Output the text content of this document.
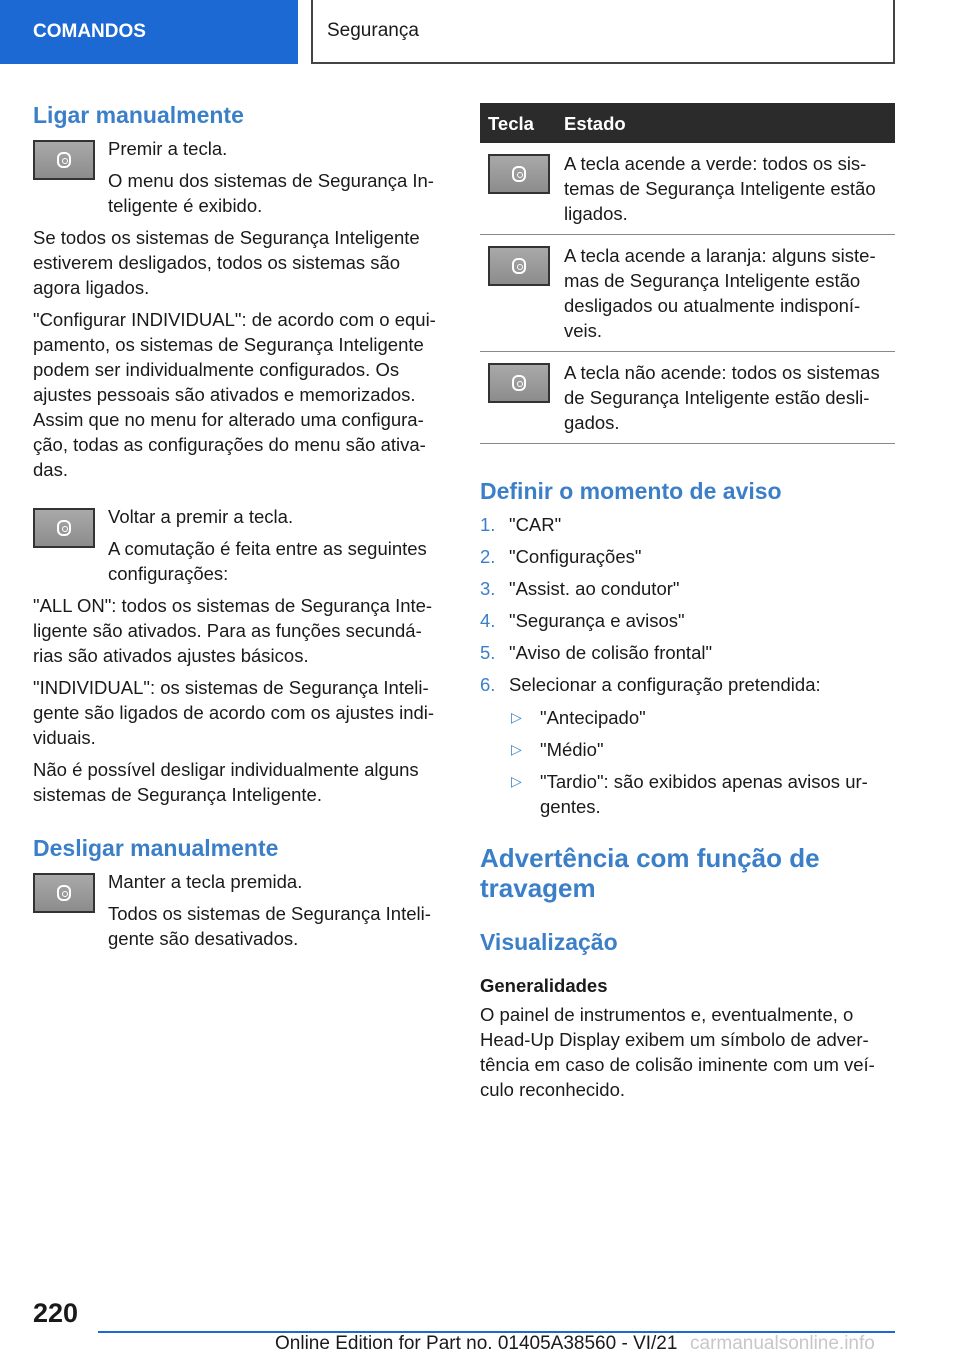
COMANDOS	Segurança
Ligar manualmente

Premir a tecla.

O menu dos sistemas de Segurança In-teligente é exibido.

Se todos os sistemas de Segurança Inteligente estiverem desligados, todos os sistemas são agora ligados.

"Configurar INDIVIDUAL": de acordo com o equi-pamento, os sistemas de Segurança Inteligente podem ser individualmente configurados. Os ajustes pessoais são ativados e memorizados. Assim que no menu for alterado uma configura-ção, todas as configurações do menu são ativa-das.

Voltar a premir a tecla.

A comutação é feita entre as seguintes configurações:

"ALL ON": todos os sistemas de Segurança Inte-ligente são ativados. Para as funções secundá-rias são ativados ajustes básicos.

"INDIVIDUAL": os sistemas de Segurança Inteli-gente são ligados de acordo com os ajustes indi-viduais.

Não é possível desligar individualmente alguns sistemas de Segurança Inteligente.

Desligar manualmente

Manter a tecla premida.

Todos os sistemas de Segurança Inteli-gente são desativados.

Tecla	Estado
A tecla acende a verde: todos os sis-temas de Segurança Inteligente estão ligados.
A tecla acende a laranja: alguns siste-mas de Segurança Inteligente estão desligados ou atualmente indisponí-veis.
A tecla não acende: todos os sistemas de Segurança Inteligente estão desli-gados.
Definir o momento de aviso
1. "CAR"
2. "Configurações"
3. "Assist. ao condutor"
4. "Segurança e avisos"
5. "Aviso de colisão frontal"
6. Selecionar a configuração pretendida:
▷ "Antecipado"
▷ "Médio"
▷ "Tardio": são exibidos apenas avisos ur-gentes.
Advertência com função de travagem
Visualização
Generalidades

O painel de instrumentos e, eventualmente, o Head-Up Display exibem um símbolo de adver-tência em caso de colisão iminente com um veí-culo reconhecido.

220
Online Edition for Part no. 01405A38560 - VI/21 carmanualsonline.info
